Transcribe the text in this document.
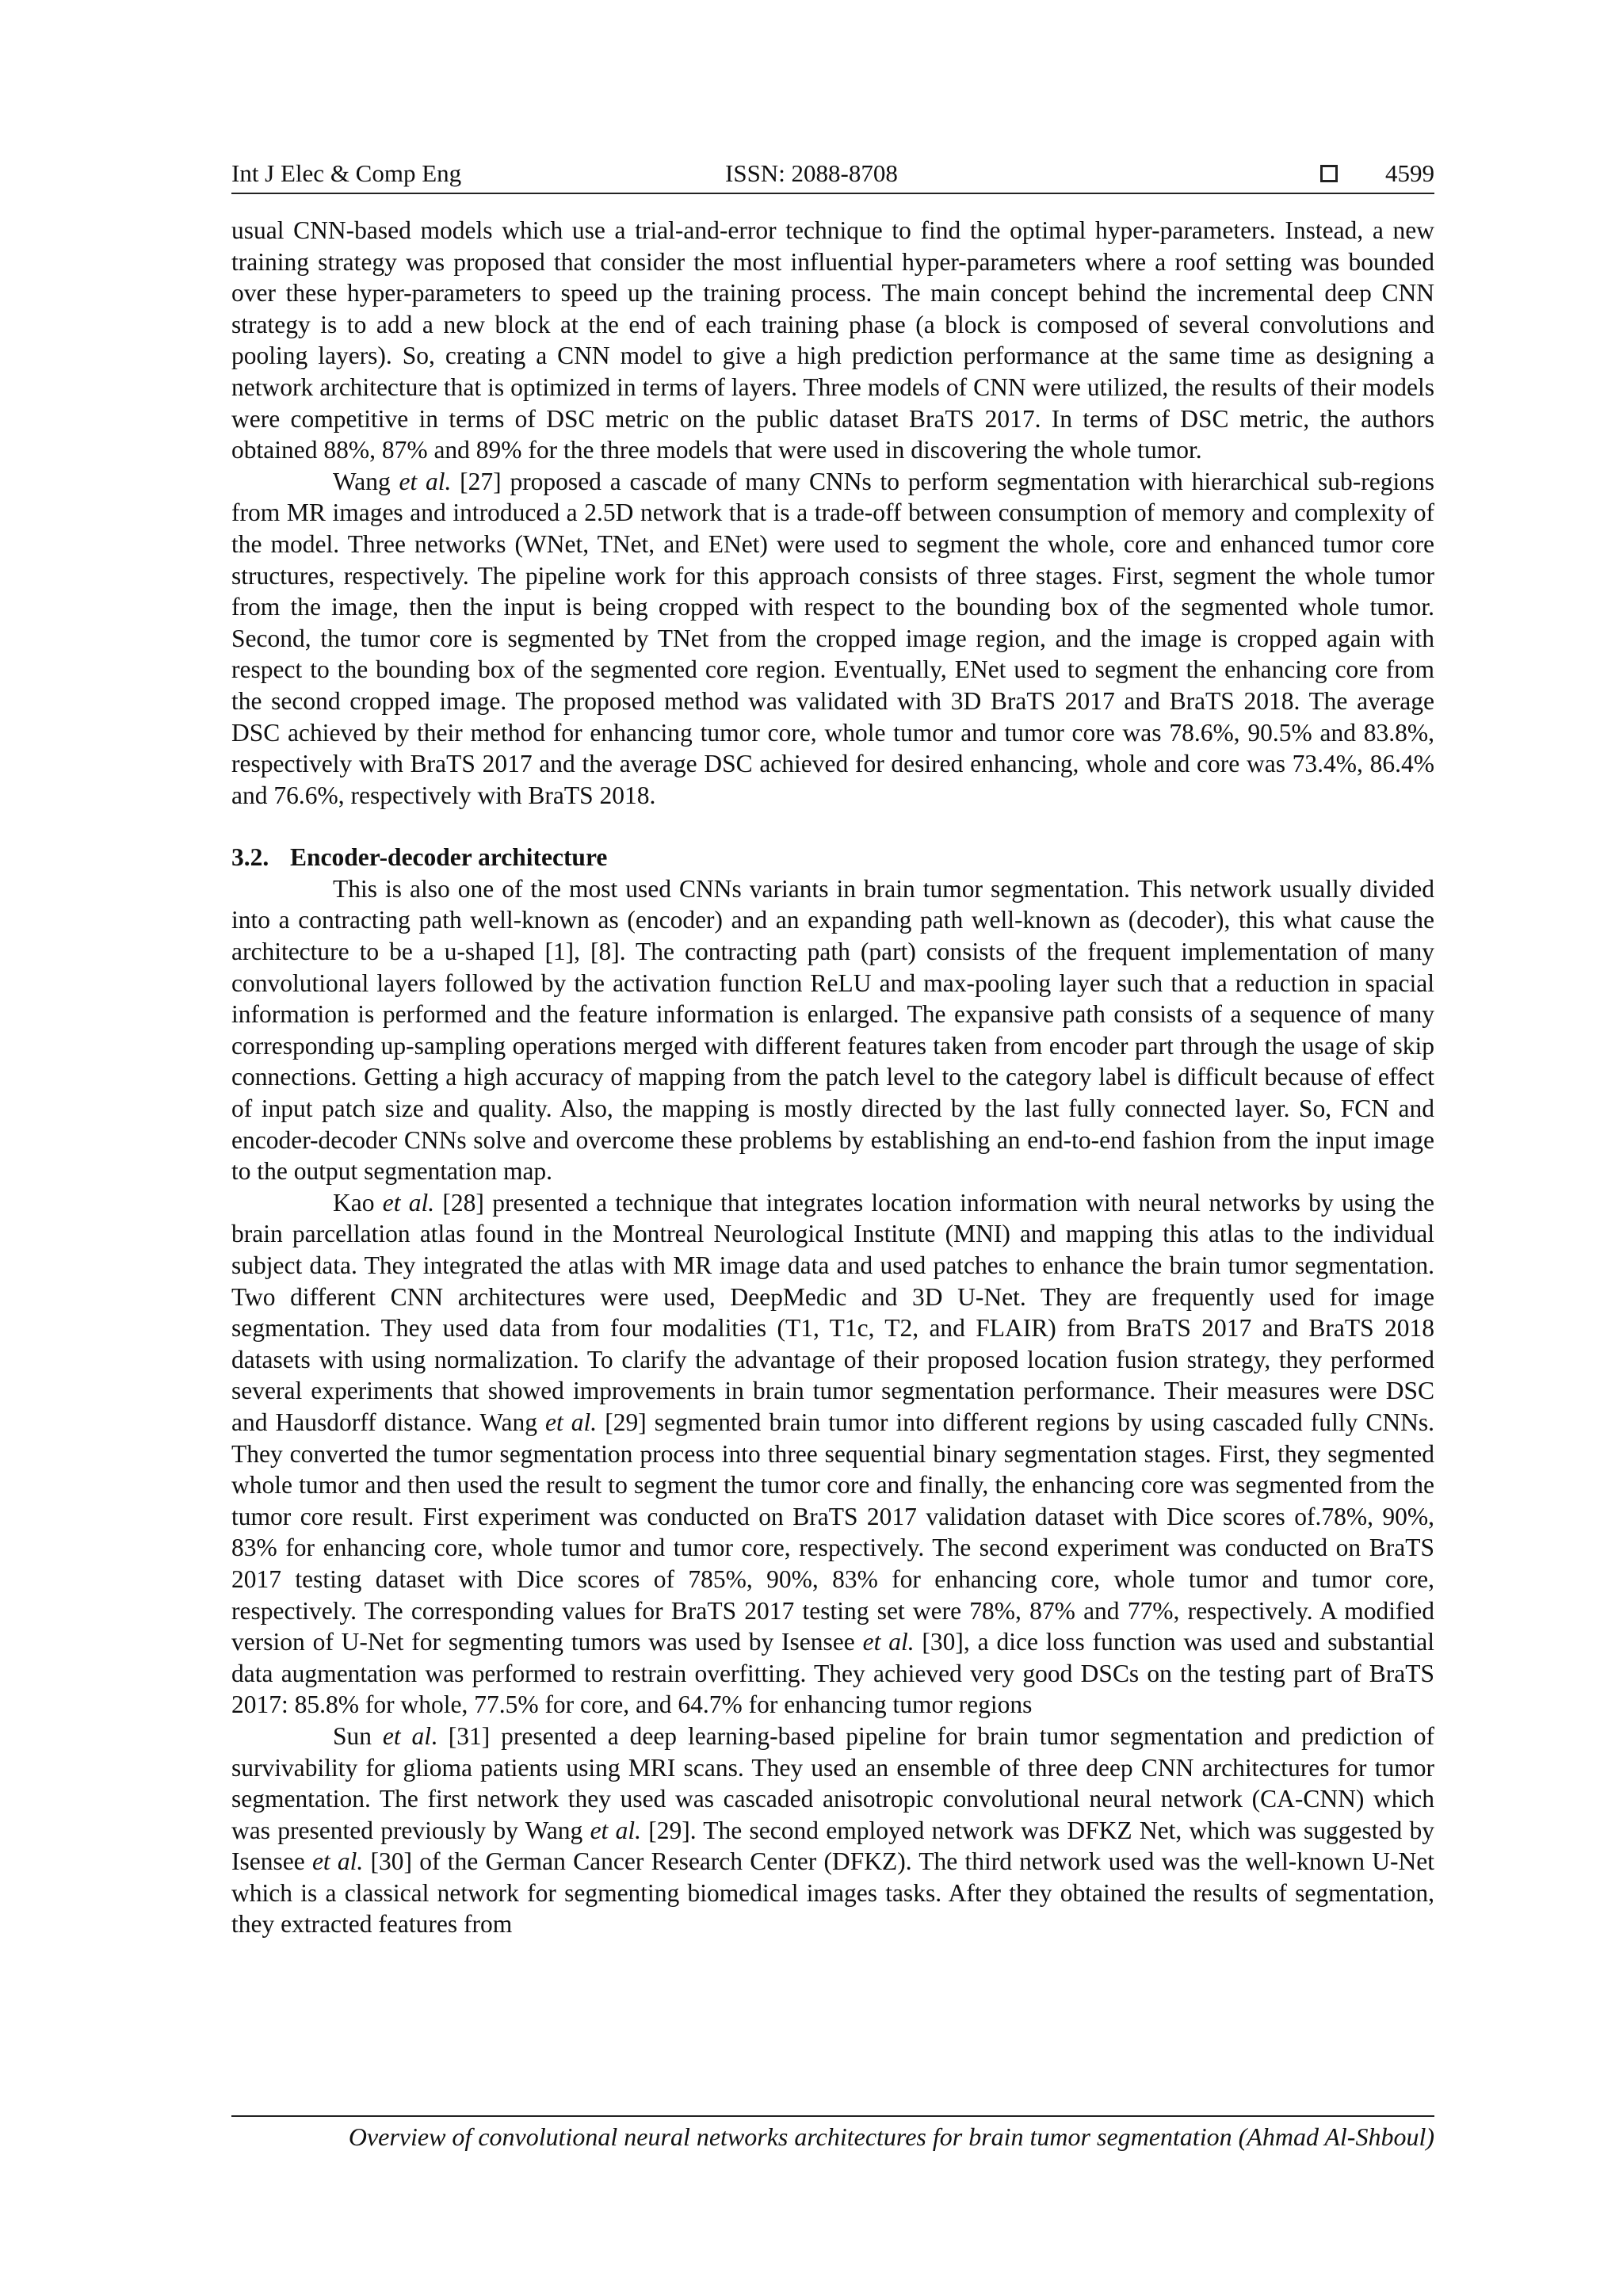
Int J Elec & Comp Eng	ISSN: 2088-8708	4599

usual CNN-based models which use a trial-and-error technique to find the optimal hyper-parameters. Instead, a new training strategy was proposed that consider the most influential hyper-parameters where a roof setting was bounded over these hyper-parameters to speed up the training process. The main concept behind the incremental deep CNN strategy is to add a new block at the end of each training phase (a block is composed of several convolutions and pooling layers). So, creating a CNN model to give a high prediction performance at the same time as designing a network architecture that is optimized in terms of layers. Three models of CNN were utilized, the results of their models were competitive in terms of DSC metric on the public dataset BraTS 2017. In terms of DSC metric, the authors obtained 88%, 87% and 89% for the three models that were used in discovering the whole tumor.

Wang et al. [27] proposed a cascade of many CNNs to perform segmentation with hierarchical sub-regions from MR images and introduced a 2.5D network that is a trade-off between consumption of memory and complexity of the model. Three networks (WNet, TNet, and ENet) were used to segment the whole, core and enhanced tumor core structures, respectively. The pipeline work for this approach consists of three stages. First, segment the whole tumor from the image, then the input is being cropped with respect to the bounding box of the segmented whole tumor. Second, the tumor core is segmented by TNet from the cropped image region, and the image is cropped again with respect to the bounding box of the segmented core region. Eventually, ENet used to segment the enhancing core from the second cropped image. The proposed method was validated with 3D BraTS 2017 and BraTS 2018. The average DSC achieved by their method for enhancing tumor core, whole tumor and tumor core was 78.6%, 90.5% and 83.8%, respectively with BraTS 2017 and the average DSC achieved for desired enhancing, whole and core was 73.4%, 86.4% and 76.6%, respectively with BraTS 2018.

3.2. Encoder-decoder architecture

This is also one of the most used CNNs variants in brain tumor segmentation. This network usually divided into a contracting path well-known as (encoder) and an expanding path well-known as (decoder), this what cause the architecture to be a u-shaped [1], [8]. The contracting path (part) consists of the frequent implementation of many convolutional layers followed by the activation function ReLU and max-pooling layer such that a reduction in spacial information is performed and the feature information is enlarged. The expansive path consists of a sequence of many corresponding up-sampling operations merged with different features taken from encoder part through the usage of skip connections. Getting a high accuracy of mapping from the patch level to the category label is difficult because of effect of input patch size and quality. Also, the mapping is mostly directed by the last fully connected layer. So, FCN and encoder-decoder CNNs solve and overcome these problems by establishing an end-to-end fashion from the input image to the output segmentation map.

Kao et al. [28] presented a technique that integrates location information with neural networks by using the brain parcellation atlas found in the Montreal Neurological Institute (MNI) and mapping this atlas to the individual subject data. They integrated the atlas with MR image data and used patches to enhance the brain tumor segmentation. Two different CNN architectures were used, DeepMedic and 3D U-Net. They are frequently used for image segmentation. They used data from four modalities (T1, T1c, T2, and FLAIR) from BraTS 2017 and BraTS 2018 datasets with using normalization. To clarify the advantage of their proposed location fusion strategy, they performed several experiments that showed improvements in brain tumor segmentation performance. Their measures were DSC and Hausdorff distance. Wang et al. [29] segmented brain tumor into different regions by using cascaded fully CNNs. They converted the tumor segmentation process into three sequential binary segmentation stages. First, they segmented whole tumor and then used the result to segment the tumor core and finally, the enhancing core was segmented from the tumor core result. First experiment was conducted on BraTS 2017 validation dataset with Dice scores of.78%, 90%, 83% for enhancing core, whole tumor and tumor core, respectively. The second experiment was conducted on BraTS 2017 testing dataset with Dice scores of 785%, 90%, 83% for enhancing core, whole tumor and tumor core, respectively. The corresponding values for BraTS 2017 testing set were 78%, 87% and 77%, respectively. A modified version of U-Net for segmenting tumors was used by Isensee et al. [30], a dice loss function was used and substantial data augmentation was performed to restrain overfitting. They achieved very good DSCs on the testing part of BraTS 2017: 85.8% for whole, 77.5% for core, and 64.7% for enhancing tumor regions

Sun et al. [31] presented a deep learning-based pipeline for brain tumor segmentation and prediction of survivability for glioma patients using MRI scans. They used an ensemble of three deep CNN architectures for tumor segmentation. The first network they used was cascaded anisotropic convolutional neural network (CA-CNN) which was presented previously by Wang et al. [29]. The second employed network was DFKZ Net, which was suggested by Isensee et al. [30] of the German Cancer Research Center (DFKZ). The third network used was the well-known U-Net which is a classical network for segmenting biomedical images tasks. After they obtained the results of segmentation, they extracted features from

Overview of convolutional neural networks architectures for brain tumor segmentation (Ahmad Al-Shboul)
